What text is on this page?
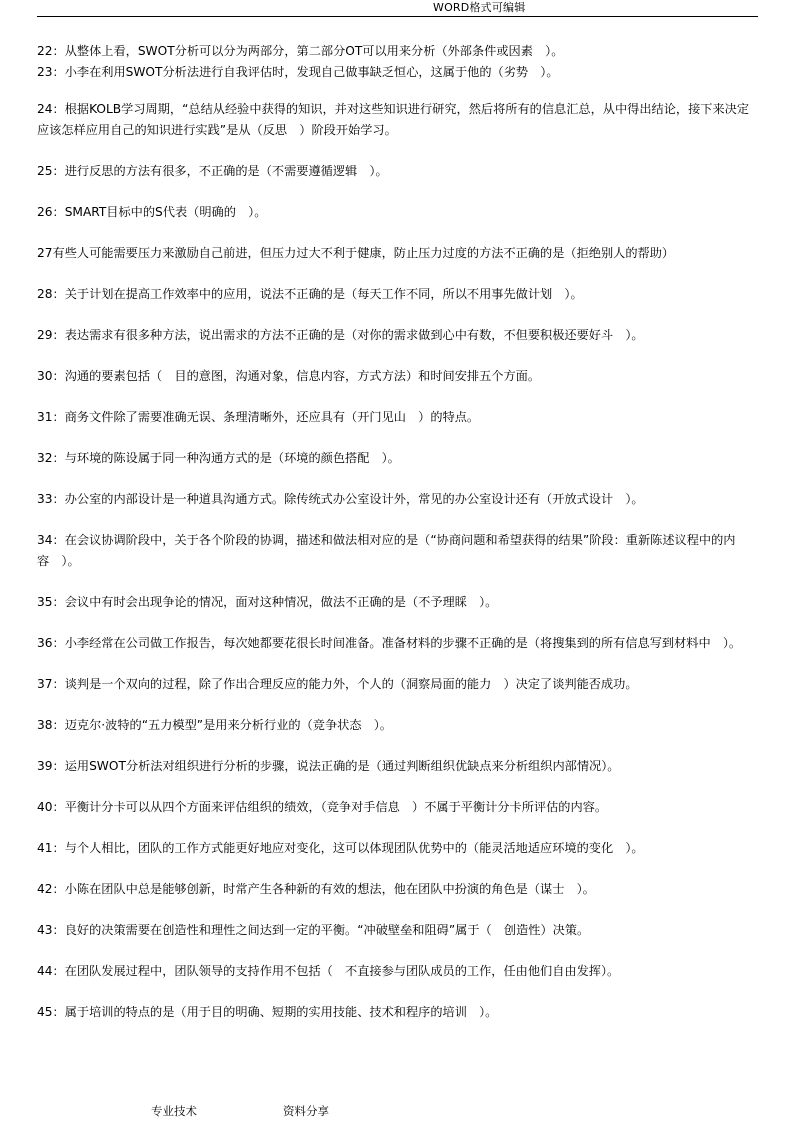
WORD格式可编辑

22：从整体上看，SWOT分析可以分为两部分，第二部分OT可以用来分析（外部条件或因素　）。

23：小李在利用SWOT分析法进行自我评估时，发现自己做事缺乏恒心，这属于他的（劣势　）。

24：根据KOLB学习周期，“总结从经验中获得的知识，并对这些知识进行研究，然后将所有的信息汇总，从中得出结论，接下来决定应该怎样应用自己的知识进行实践”是从（反思　）阶段开始学习。

25：进行反思的方法有很多，不正确的是（不需要遵循逻辑　）。

26：SMART目标中的S代表（明确的　）。

27有些人可能需要压力来激励自己前进，但压力过大不利于健康，防止压力过度的方法不正确的是（拒绝别人的帮助）

28：关于计划在提高工作效率中的应用，说法不正确的是（每天工作不同，所以不用事先做计划　）。

29：表达需求有很多种方法，说出需求的方法不正确的是（对你的需求做到心中有数，不但要积极还要好斗　）。

30：沟通的要素包括（　目的意图，沟通对象，信息内容，方式方法）和时间安排五个方面。

31：商务文件除了需要准确无误、条理清晰外，还应具有（开门见山　）的特点。

32：与环境的陈设属于同一种沟通方式的是（环境的颜色搭配　）。

33：办公室的内部设计是一种道具沟通方式。除传统式办公室设计外，常见的办公室设计还有（开放式设计　）。

34：在会议协调阶段中，关于各个阶段的协调，描述和做法相对应的是（“协商问题和希望获得的结果”阶段：重新陈述议程中的内容　）。

35：会议中有时会出现争论的情况，面对这种情况，做法不正确的是（不予理睬　）。

36：小李经常在公司做工作报告，每次她都要花很长时间准备。准备材料的步骤不正确的是（将搜集到的所有信息写到材料中　）。

37：谈判是一个双向的过程，除了作出合理反应的能力外，个人的（洞察局面的能力　）决定了谈判能否成功。

38：迈克尔·波特的“五力模型”是用来分析行业的（竞争状态　）。

39：运用SWOT分析法对组织进行分析的步骤，说法正确的是（通过判断组织优缺点来分析组织内部情况）。

40：平衡计分卡可以从四个方面来评估组织的绩效，（竞争对手信息　）不属于平衡计分卡所评估的内容。

41：与个人相比，团队的工作方式能更好地应对变化，这可以体现团队优势中的（能灵活地适应环境的变化　）。

42：小陈在团队中总是能够创新，时常产生各种新的有效的想法，他在团队中扮演的角色是（谋士　）。

43：良好的决策需要在创造性和理性之间达到一定的平衡。“冲破壁垒和阻碍”属于（　创造性）决策。

44：在团队发展过程中，团队领导的支持作用不包括（　不直接参与团队成员的工作，任由他们自由发挥）。

45：属于培训的特点的是（用于目的明确、短期的实用技能、技术和程序的培训　）。

专业技术	资料分享
